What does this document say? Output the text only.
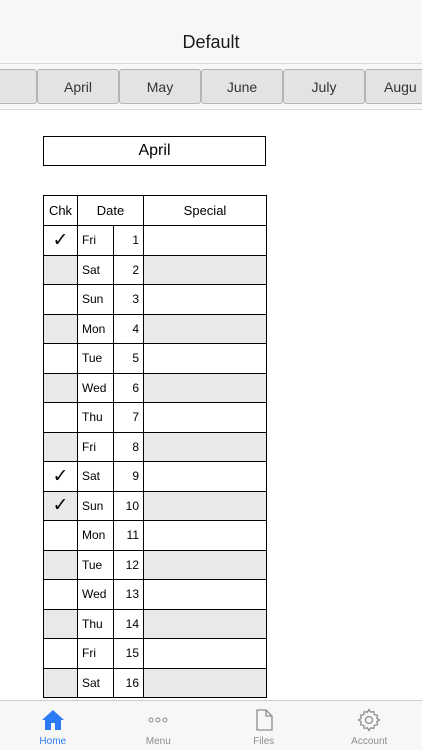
Default
April	May	June	July	Augu
April
Chk	Date		Special
✓	Fri	1	
	Sat	2	
	Sun	3	
	Mon	4	
	Tue	5	
	Wed	6	
	Thu	7	
	Fri	8	
✓	Sat	9	
✓	Sun	10	
	Mon	11	
	Tue	12	
	Wed	13	
	Thu	14	
	Fri	15	
	Sat	16	
Home	Menu	Files	Account
